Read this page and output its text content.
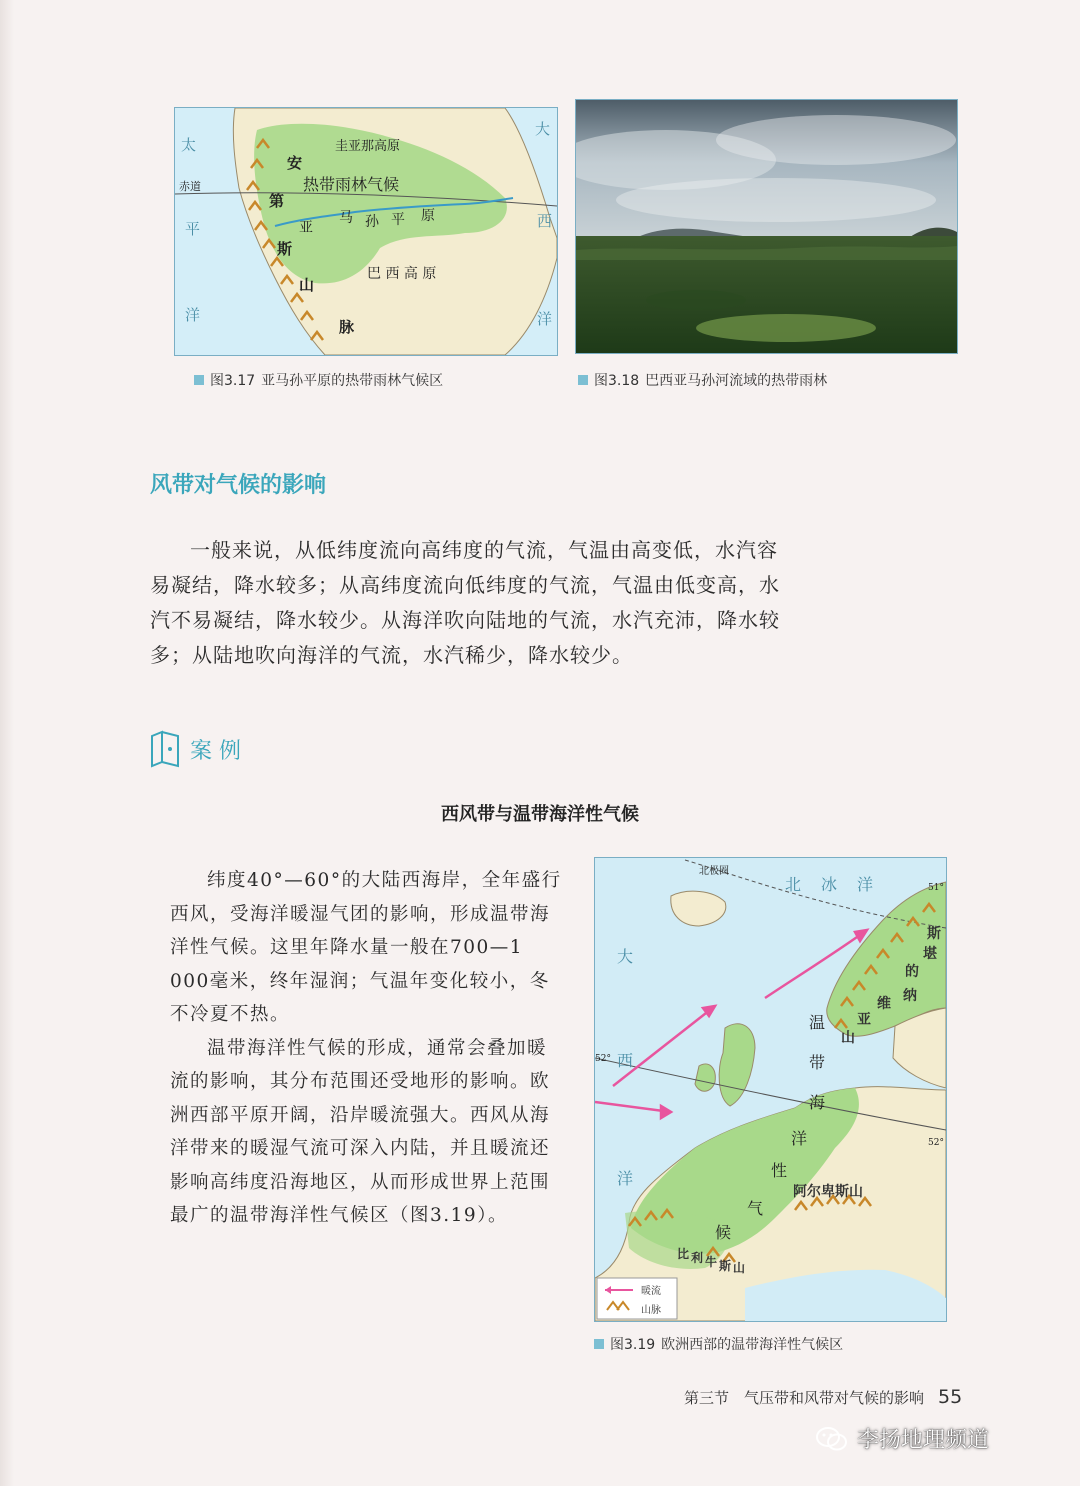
圭亚那高原
安
热带雨林气候
赤道
第
亚
马 孙 平 原
斯
山
脉
巴 西 高 原
大
西
洋
太
平
洋
图3.17 亚马孙平原的热带雨林气候区	图3.18 巴西亚马孙河流域的热带雨林
风带对气候的影响

一般来说，从低纬度流向高纬度的气流，气温由高变低，水汽容易凝结，降水较多；从高纬度流向低纬度的气流，气温由低变高，水汽不易凝结，降水较少。从海洋吹向陆地的气流，水汽充沛，降水较多；从陆地吹向海洋的气流，水汽稀少，降水较少。

案 例
西风带与温带海洋性气候

纬度40°—60°的大陆西海岸，全年盛行西风，受海洋暖湿气团的影响，形成温带海洋性气候。这里年降水量一般在700—1 000毫米，终年湿润；气温年变化较小，冬不冷夏不热。

温带海洋性气候的形成，通常会叠加暖流的影响，其分布范围还受地形的影响。欧洲西部平原开阔，沿岸暖流强大。西风从海洋带来的暖湿气流可深入内陆，并且暖流还影响高纬度沿海地区，从而形成世界上范围最广的温带海洋性气候区（图3.19）。

北极圈
51°
52°
52°
北 冰 洋
大
西
洋
温
带
海
洋
性
气
候
斯
堪
的
纳
维
亚
山
阿尔卑斯山
比 利 牛 斯 山
暖流
山脉
图3.19 欧洲西部的温带海洋性气候区
第三节　气压带和风带对气候的影响 55
李扬地理频道
